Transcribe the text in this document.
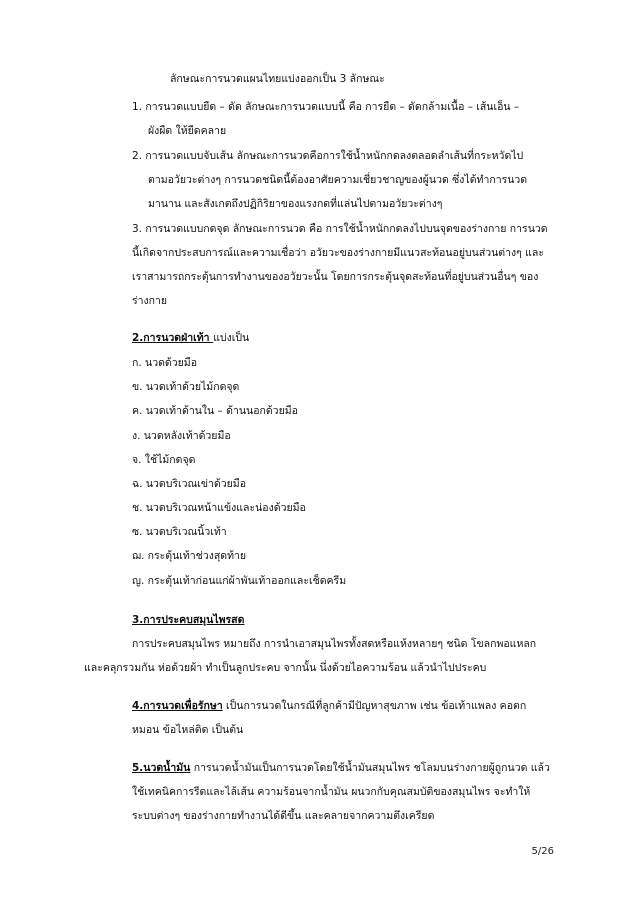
ลักษณะการนวดแผนไทยแบ่งออกเป็น 3 ลักษณะ
1. การนวดแบบยืด – ดัด ลักษณะการนวดแบบนี้ คือ การยืด – ดัดกล้ามเนื้อ – เส้นเอ็น –
ผังผืด ให้ยืดคลาย
2. การนวดแบบจับเส้น ลักษณะการนวดคือการใช้น้ำหนักกดลงตลอดลำเส้นที่กระหวัดไป
ตามอวัยวะต่างๆ การนวดชนิดนี้ต้องอาศัยความเชี่ยวชาญของผู้นวด ซึ่งได้ทำการนวด
มานาน และสังเกตถึงปฏิกิริยาของแรงกดที่แล่นไปตามอวัยวะต่างๆ
3. การนวดแบบกดจุด ลักษณะการนวด คือ การใช้น้ำหนักกดลงไปบนจุดของร่างกาย การนวด
นี้เกิดจากประสบการณ์และความเชื่อว่า อวัยวะของร่างกายมีแนวสะท้อนอยู่บนส่วนต่างๆ และ
เราสามารถกระตุ้นการทำงานของอวัยวะนั้น โดยการกระตุ้นจุดสะท้อนที่อยู่บนส่วนอื่นๆ ของ
ร่างกาย
2.การนวดฝ่าเท้า แบ่งเป็น
ก. นวดด้วยมือ
ข. นวดเท้าด้วยไม้กดจุด
ค. นวดเท้าด้านใน – ด้านนอกด้วยมือ
ง. นวดหลังเท้าด้วยมือ
จ. ใช้ไม้กดจุด
ฉ. นวดบริเวณเข่าด้วยมือ
ช. นวดบริเวณหน้าแข้งและน่องด้วยมือ
ซ. นวดบริเวณนิ้วเท้า
ฌ. กระตุ้นเท้าช่วงสุดท้าย
ญ. กระตุ้นเท้าก่อนแก่ผ้าพันเท้าออกและเช็ดครีม
3.การประคบสมุนไพรสด
การประคบสมุนไพร หมายถึง การนำเอาสมุนไพรทั้งสดหรือแห้งหลายๆ ชนิด โขลกพอแหลก
และคลุกรวมกัน ห่อด้วยผ้า ทำเป็นลูกประคบ จากนั้น นึ่งด้วยไอความร้อน แล้วนำไปประคบ
4.การนวดเพื่อรักษา เป็นการนวดในกรณีที่ลูกค้ามีปัญหาสุขภาพ เช่น ข้อเท้าแพลง คอตก
หมอน ข้อไหล่ติด เป็นต้น
5.นวดน้ำมัน การนวดน้ำมันเป็นการนวดโดยใช้น้ำมันสมุนไพร ชโลมบนร่างกายผู้ถูกนวด แล้ว
ใช้เทคนิคการรีดและไล้เส้น ความร้อนจากน้ำมัน ผนวกกับคุณสมบัติของสมุนไพร จะทำให้
ระบบต่างๆ ของร่างกายทำงานได้ดีขึ้น และคลายจากความตึงเครียด
5/26
